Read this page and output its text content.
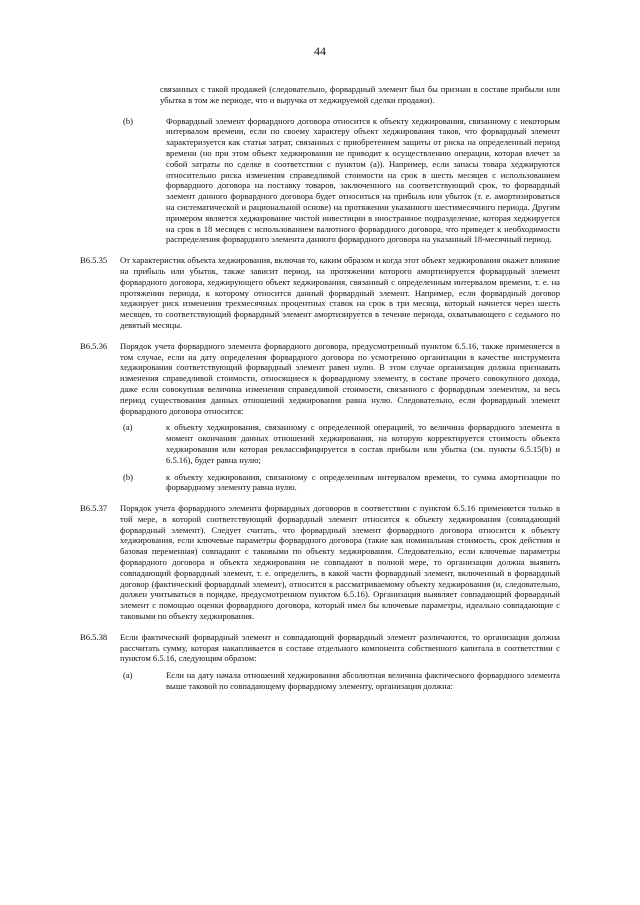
44

связанных с такой продажей (следовательно, форвардный элемент был бы признан в составе прибыли или убытка в том же периоде, что и выручка от хеджируемой сделки продажи).

(b)	Форвардный элемент форвардного договора относится к объекту хеджирования, связанному с некоторым интервалом времени, если по своему характеру объект хеджирования таков, что форвардный элемент характеризуется как статья затрат, связанных с приобретением защиты от риска на определенный период времени (но при этом объект хеджирования не приводит к осуществлению операции, которая влечет за собой затраты по сделке в соответствии с пунктом (a)). Например, если запасы товара хеджируются относительно риска изменения справедливой стоимости на срок в шесть месяцев с использованием форвардного договора на поставку товаров, заключенного на соответствующий срок, то форвардный элемент данного форвардного договора будет относиться на прибыль или убыток (т. е. амортизироваться на систематической и рациональной основе) на протяжении указанного шестимесячного периода. Другим примером является хеджирование чистой инвестиции в иностранное подразделение, которая хеджируется на срок в 18 месяцев с использованием валютного форвардного договора, что приведет к необходимости распределения форвардного элемента данного форвардного договора на указанный 18-месячный период.
B6.5.35	От характеристик объекта хеджирования, включая то, каким образом и когда этот объект хеджирования окажет влияние на прибыль или убыток, также зависит период, на протяжении которого амортизируется форвардный элемент форвардного договора, хеджирующего объект хеджирования, связанный с определенным интервалом времени, т. е. на протяжении периода, к которому относится данный форвардный элемент. Например, если форвардный договор хеджирует риск изменения трехмесячных процентных ставок на срок в три месяца, который начнется через шесть месяцев, то соответствующий форвардный элемент амортизируется в течение периода, охватывающего с седьмого по девятый месяцы.
B6.5.36	Порядок учета форвардного элемента форвардного договора, предусмотренный пунктом 6.5.16, также применяется в том случае, если на дату определения форвардного договора по усмотрению организации в качестве инструмента хеджирования соответствующий форвардный элемент равен нулю. В этом случае организация должна признавать изменения справедливой стоимости, относящиеся к форвардному элементу, в составе прочего совокупного дохода, даже если совокупная величина изменения справедливой стоимости, связанного с форвардным элементом, за весь период существования данных отношений хеджирования равна нулю. Следовательно, если форвардный элемент форвардного договора относится:
(a)	к объекту хеджирования, связанному с определенной операцией, то величина форвардного элемента в момент окончания данных отношений хеджирования, на которую корректируется стоимость объекта хеджирования или которая реклассифицируется в состав прибыли или убытка (см. пункты 6.5.15(b) и 6.5.16), будет равна нулю;
(b)	к объекту хеджирования, связанному с определенным интервалом времени, то сумма амортизации по форвардному элементу равна нулю.
B6.5.37	Порядок учета форвардного элемента форвардных договоров в соответствии с пунктом 6.5.16 применяется только в той мере, в которой соответствующий форвардный элемент относится к объекту хеджирования (совпадающий форвардный элемент). Следует считать, что форвардный элемент форвардного договора относится к объекту хеджирования, если ключевые параметры форвардного договора (такие как номинальная стоимость, срок действия и базовая переменная) совпадают с таковыми по объекту хеджирования. Следовательно, если ключевые параметры форвардного договора и объекта хеджирования не совпадают в полной мере, то организация должна выявить совпадающий форвардный элемент, т. е. определить, в какой части форвардный элемент, включенный в форвардный договор (фактический форвардный элемент), относится к рассматриваемому объекту хеджирования (и, следовательно, должен учитываться в порядке, предусмотренном пунктом 6.5.16). Организация выявляет совпадающий форвардный элемент с помощью оценки форвардного договора, который имел бы ключевые параметры, идеально совпадающие с таковыми по объекту хеджирования.
B6.5.38	Если фактический форвардный элемент и совпадающий форвардный элемент различаются, то организация должна рассчитать сумму, которая накапливается в составе отдельного компонента собственного капитала в соответствии с пунктом 6.5.16, следующим образом:
(a)	Если на дату начала отношений хеджирования абсолютная величина фактического форвардного элемента выше таковой по совпадающему форвардному элементу, организация должна:
